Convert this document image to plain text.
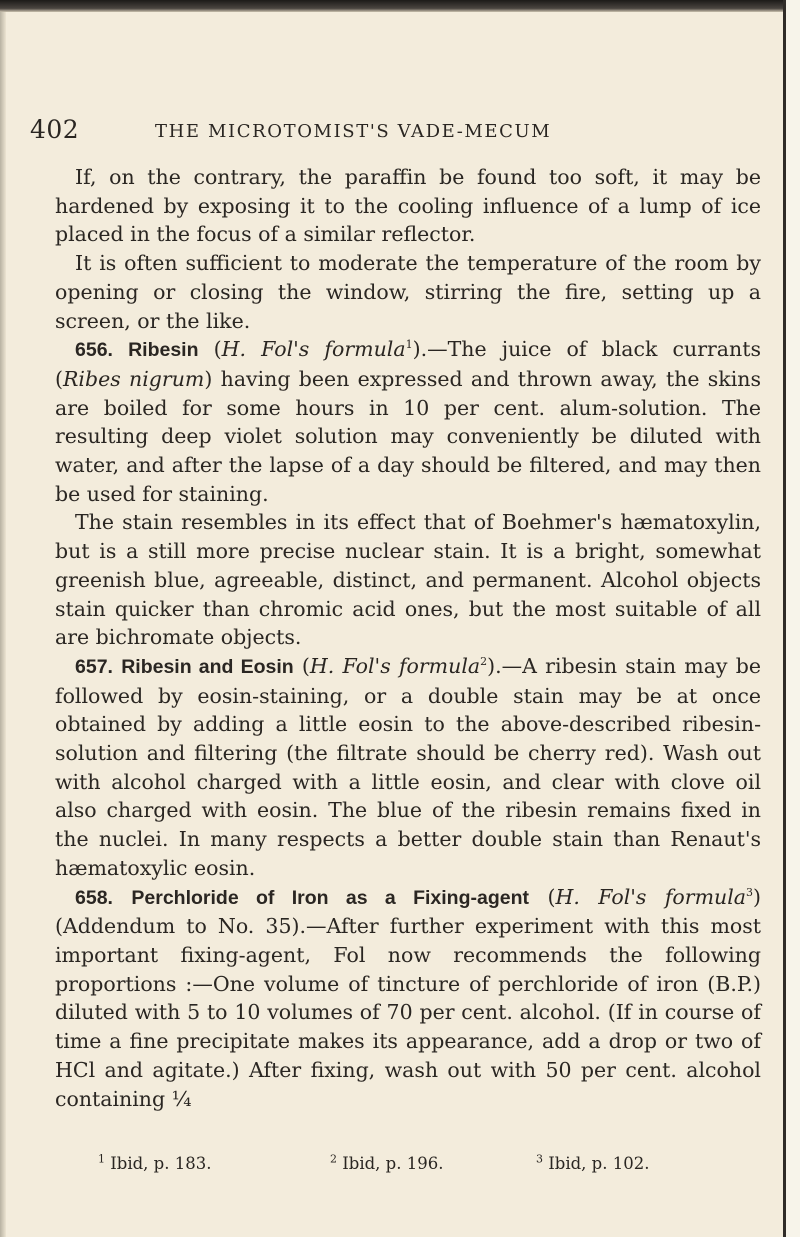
402	THE MICROTOMIST'S VADE-MECUM

If, on the contrary, the paraffin be found too soft, it may be hardened by exposing it to the cooling influence of a lump of ice placed in the focus of a similar reflector.

It is often sufficient to moderate the temperature of the room by opening or closing the window, stirring the fire, setting up a screen, or the like.

656. Ribesin (H. Fol's formula$^1$).—The juice of black currants (Ribes nigrum) having been expressed and thrown away, the skins are boiled for some hours in 10 per cent. alum-solution. The resulting deep violet solution may conveniently be diluted with water, and after the lapse of a day should be filtered, and may then be used for staining.

The stain resembles in its effect that of Boehmer's hæmatoxylin, but is a still more precise nuclear stain. It is a bright, somewhat greenish blue, agreeable, distinct, and permanent. Alcohol objects stain quicker than chromic acid ones, but the most suitable of all are bichromate objects.

657. Ribesin and Eosin (H. Fol's formula$^2$).—A ribesin stain may be followed by eosin-staining, or a double stain may be at once obtained by adding a little eosin to the above-described ribesin-solution and filtering (the filtrate should be cherry red). Wash out with alcohol charged with a little eosin, and clear with clove oil also charged with eosin. The blue of the ribesin remains fixed in the nuclei. In many respects a better double stain than Renaut's hæmatoxylic eosin.

658. Perchloride of Iron as a Fixing-agent (H. Fol's formula$^3$) (Addendum to No. 35).—After further experiment with this most important fixing-agent, Fol now recommends the following proportions :—One volume of tincture of perchloride of iron (B.P.) diluted with 5 to 10 volumes of 70 per cent. alcohol. (If in course of time a fine precipitate makes its appearance, add a drop or two of HCl and agitate.) After fixing, wash out with 50 per cent. alcohol containing ¼

$^1$ Ibid, p. 183.	$^2$ Ibid, p. 196.	$^3$ Ibid, p. 102.
